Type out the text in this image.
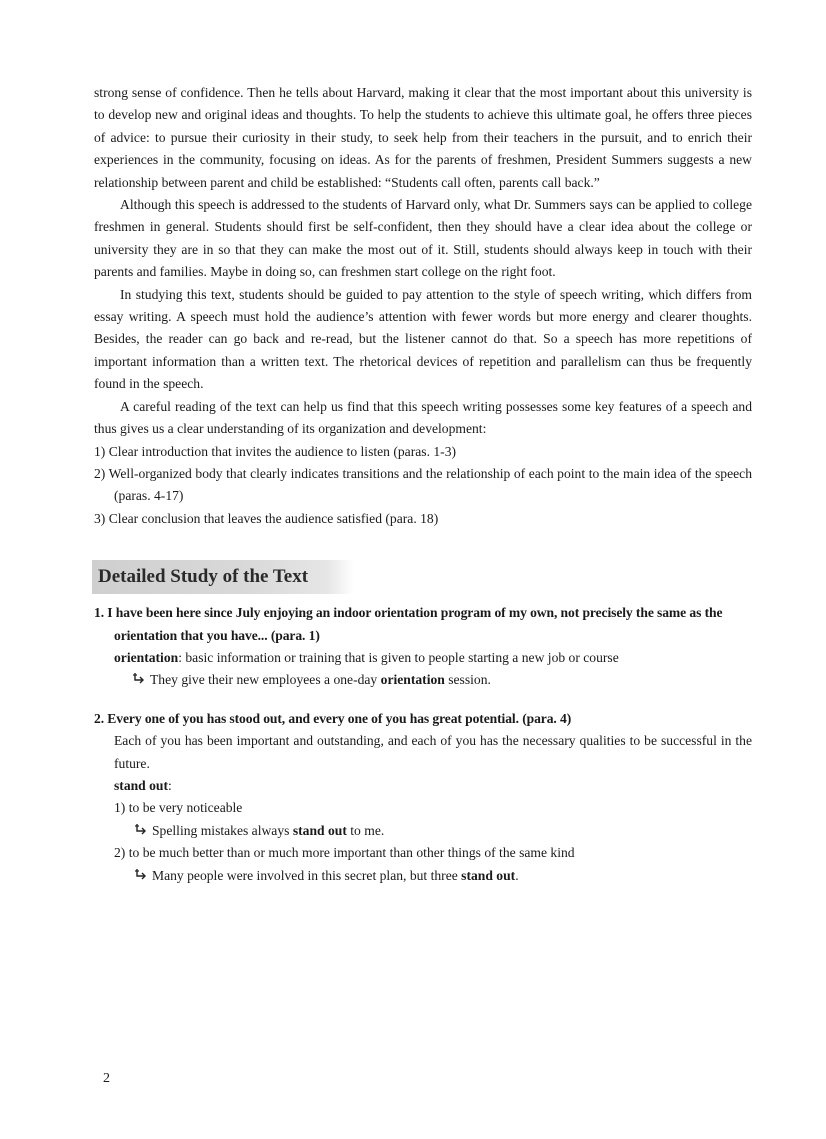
strong sense of confidence. Then he tells about Harvard, making it clear that the most important about this university is to develop new and original ideas and thoughts. To help the students to achieve this ultimate goal, he offers three pieces of advice: to pursue their curiosity in their study, to seek help from their teachers in the pursuit, and to enrich their experiences in the community, focusing on ideas. As for the parents of freshmen, President Summers suggests a new relationship between parent and child be established: “Students call often, parents call back.”

Although this speech is addressed to the students of Harvard only, what Dr. Summers says can be applied to college freshmen in general. Students should first be self-confident, then they should have a clear idea about the college or university they are in so that they can make the most out of it. Still, students should always keep in touch with their parents and families. Maybe in doing so, can freshmen start college on the right foot.

In studying this text, students should be guided to pay attention to the style of speech writing, which differs from essay writing. A speech must hold the audience’s attention with fewer words but more energy and clearer thoughts. Besides, the reader can go back and re-read, but the listener cannot do that. So a speech has more repetitions of important information than a written text. The rhetorical devices of repetition and parallelism can thus be frequently found in the speech.

A careful reading of the text can help us find that this speech writing possesses some key features of a speech and thus gives us a clear understanding of its organization and development:

1) Clear introduction that invites the audience to listen (paras. 1-3)

2) Well-organized body that clearly indicates transitions and the relationship of each point to the main idea of the speech (paras. 4-17)

3) Clear conclusion that leaves the audience satisfied (para. 18)

Detailed Study of the Text

1. I have been here since July enjoying an indoor orientation program of my own, not precisely the same as the orientation that you have... (para. 1)

orientation: basic information or training that is given to people starting a new job or course

They give their new employees a one-day orientation session.

2. Every one of you has stood out, and every one of you has great potential. (para. 4)

Each of you has been important and outstanding, and each of you has the necessary qualities to be successful in the future.

stand out:

1) to be very noticeable

Spelling mistakes always stand out to me.

2) to be much better than or much more important than other things of the same kind

Many people were involved in this secret plan, but three stand out.

2
